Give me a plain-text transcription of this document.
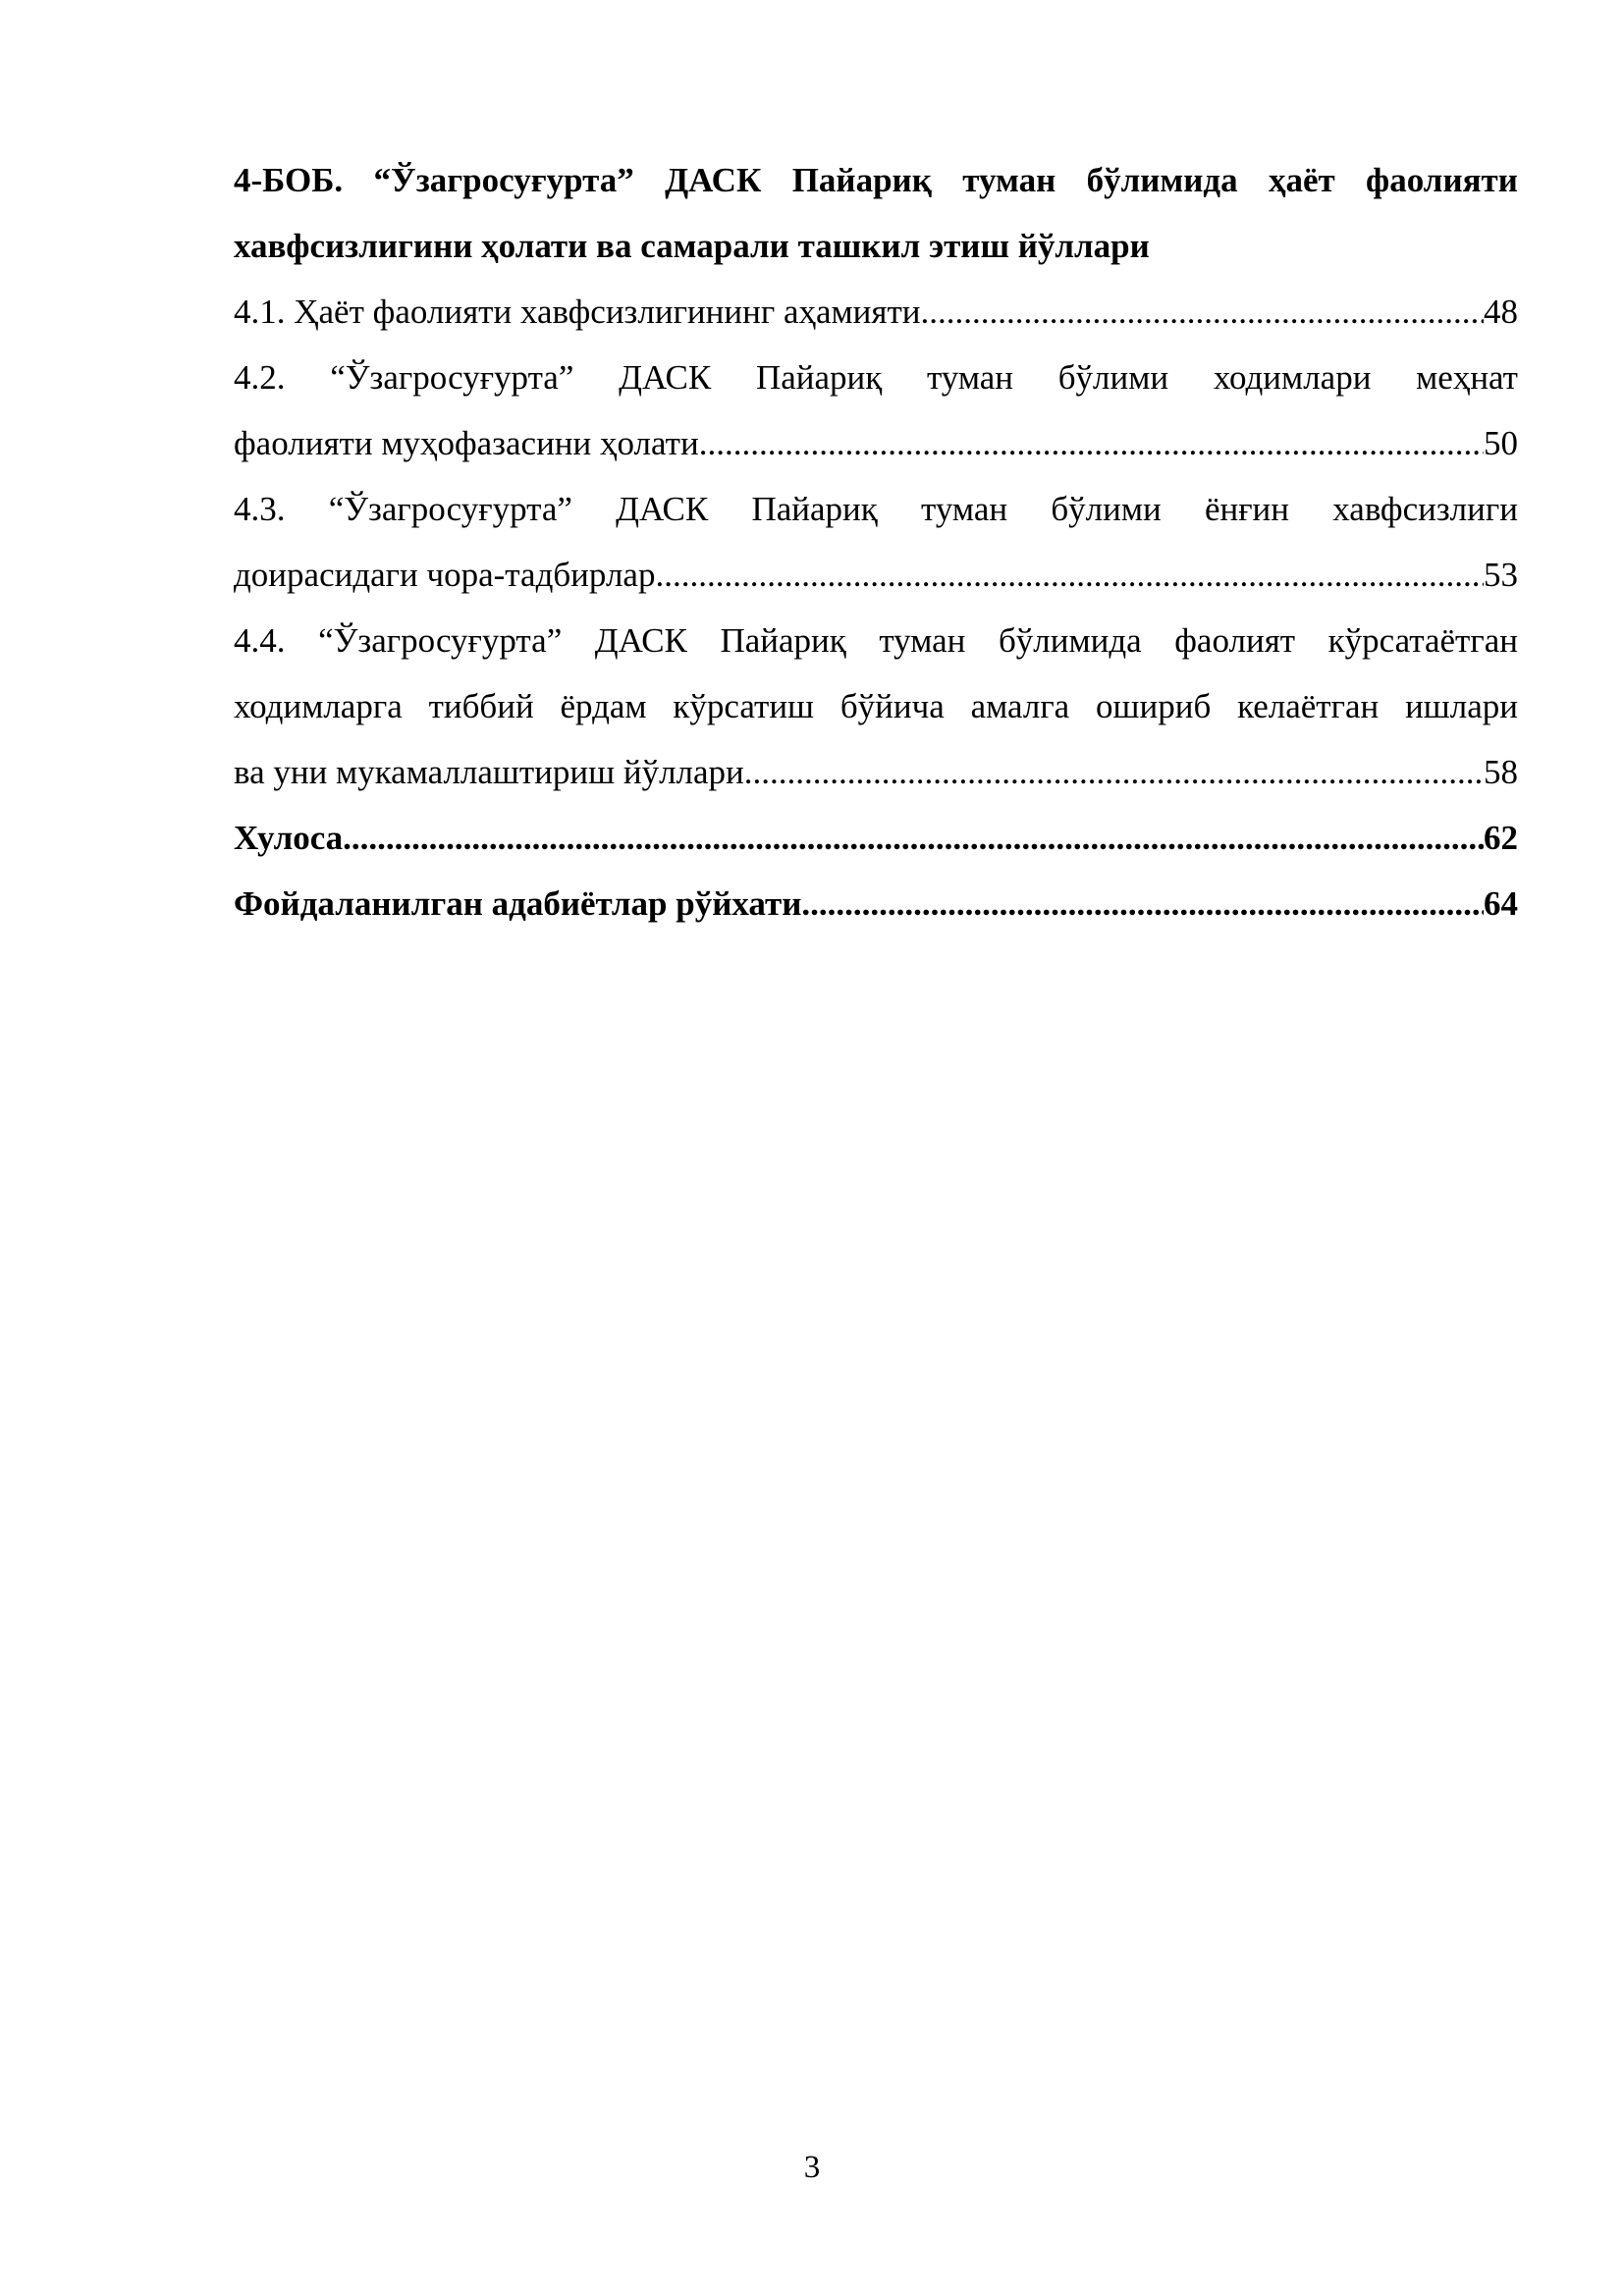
4-БОБ. “Ўзагросуғурта” ДАСК Пайариқ туман бўлимида ҳаёт фаолияти
хавфсизлигини ҳолати ва самарали ташкил этиш йўллари
4.1. Ҳаёт фаолияти хавфсизлигининг аҳамияти .....	48
4.2. “Ўзагросуғурта” ДАСК Пайариқ туман бўлими ходимлари меҳнат
фаолияти муҳофазасини ҳолати .....	50
4.3. “Ўзагросуғурта” ДАСК Пайариқ туман бўлими ёнғин хавфсизлиги
доирасидаги чора-тадбирлар .....	53
4.4. “Ўзагросуғурта” ДАСК Пайариқ туман бўлимида фаолият кўрсатаётган
ходимларга тиббий ёрдам кўрсатиш бўйича амалга ошириб келаётган ишлари
ва уни мукамаллаштириш йўллари .....	58
Хулоса .....	62
Фойдаланилган адабиётлар рўйхати .....	64
3
